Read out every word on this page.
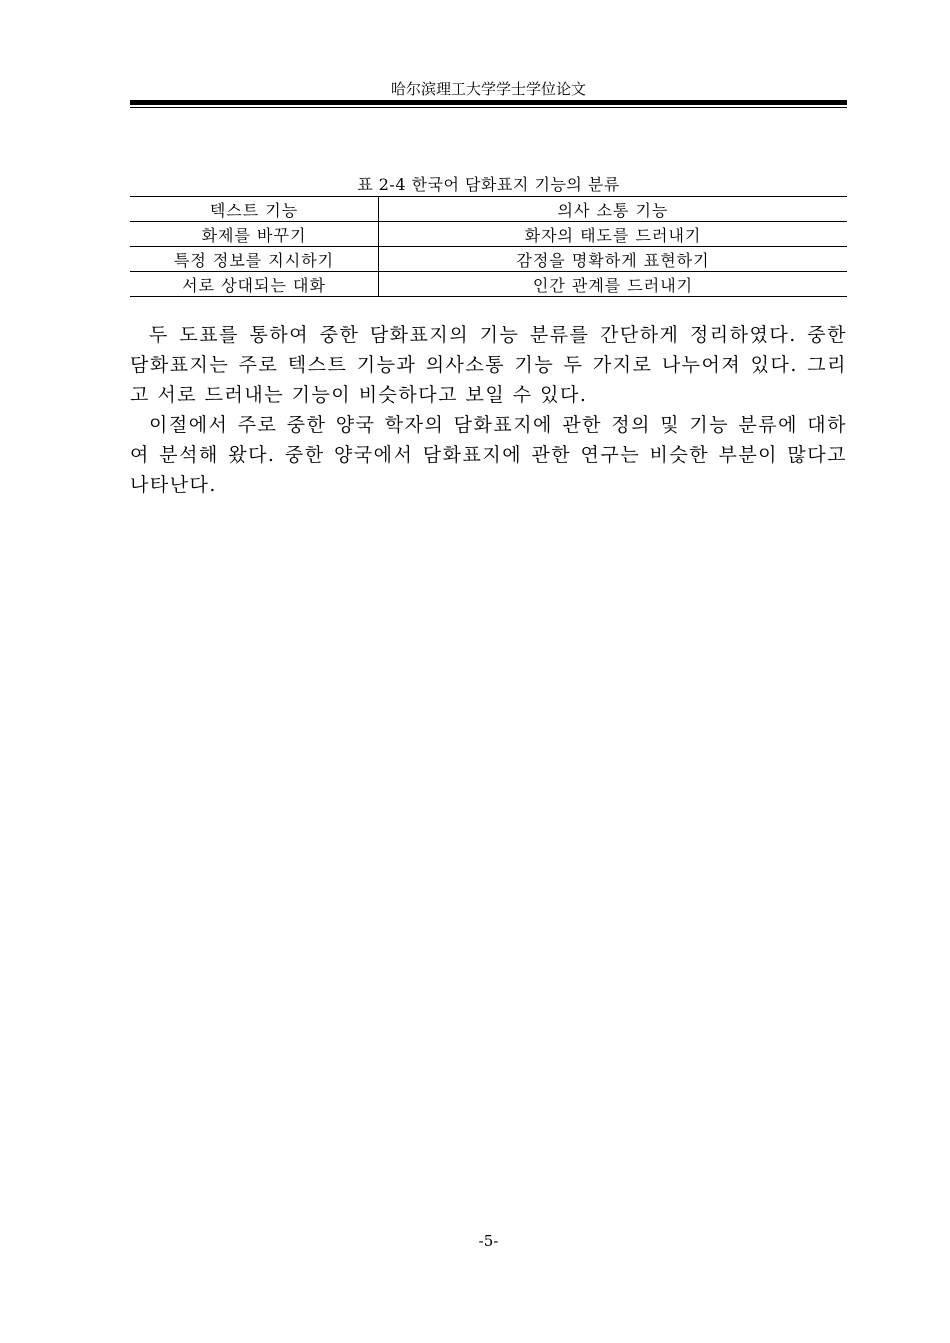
哈尔滨理工大学学士学位论文
표 2-4 한국어 담화표지 기능의 분류
텍스트 기능	의사 소통 기능
화제를 바꾸기	화자의 태도를 드러내기
특정 정보를 지시하기	감정을 명확하게 표현하기
서로 상대되는 대화	인간 관계를 드러내기

두 도표를 통하여 중한 담화표지의 기능 분류를 간단하게 정리하였다. 중한 담화표지는 주로 텍스트 기능과 의사소통 기능 두 가지로 나누어져 있다. 그리고 서로 드러내는 기능이 비슷하다고 보일 수 있다.

이절에서 주로 중한 양국 학자의 담화표지에 관한 정의 및 기능 분류에 대하여 분석해 왔다. 중한 양국에서 담화표지에 관한 연구는 비슷한 부분이 많다고 나타난다.

-5-
